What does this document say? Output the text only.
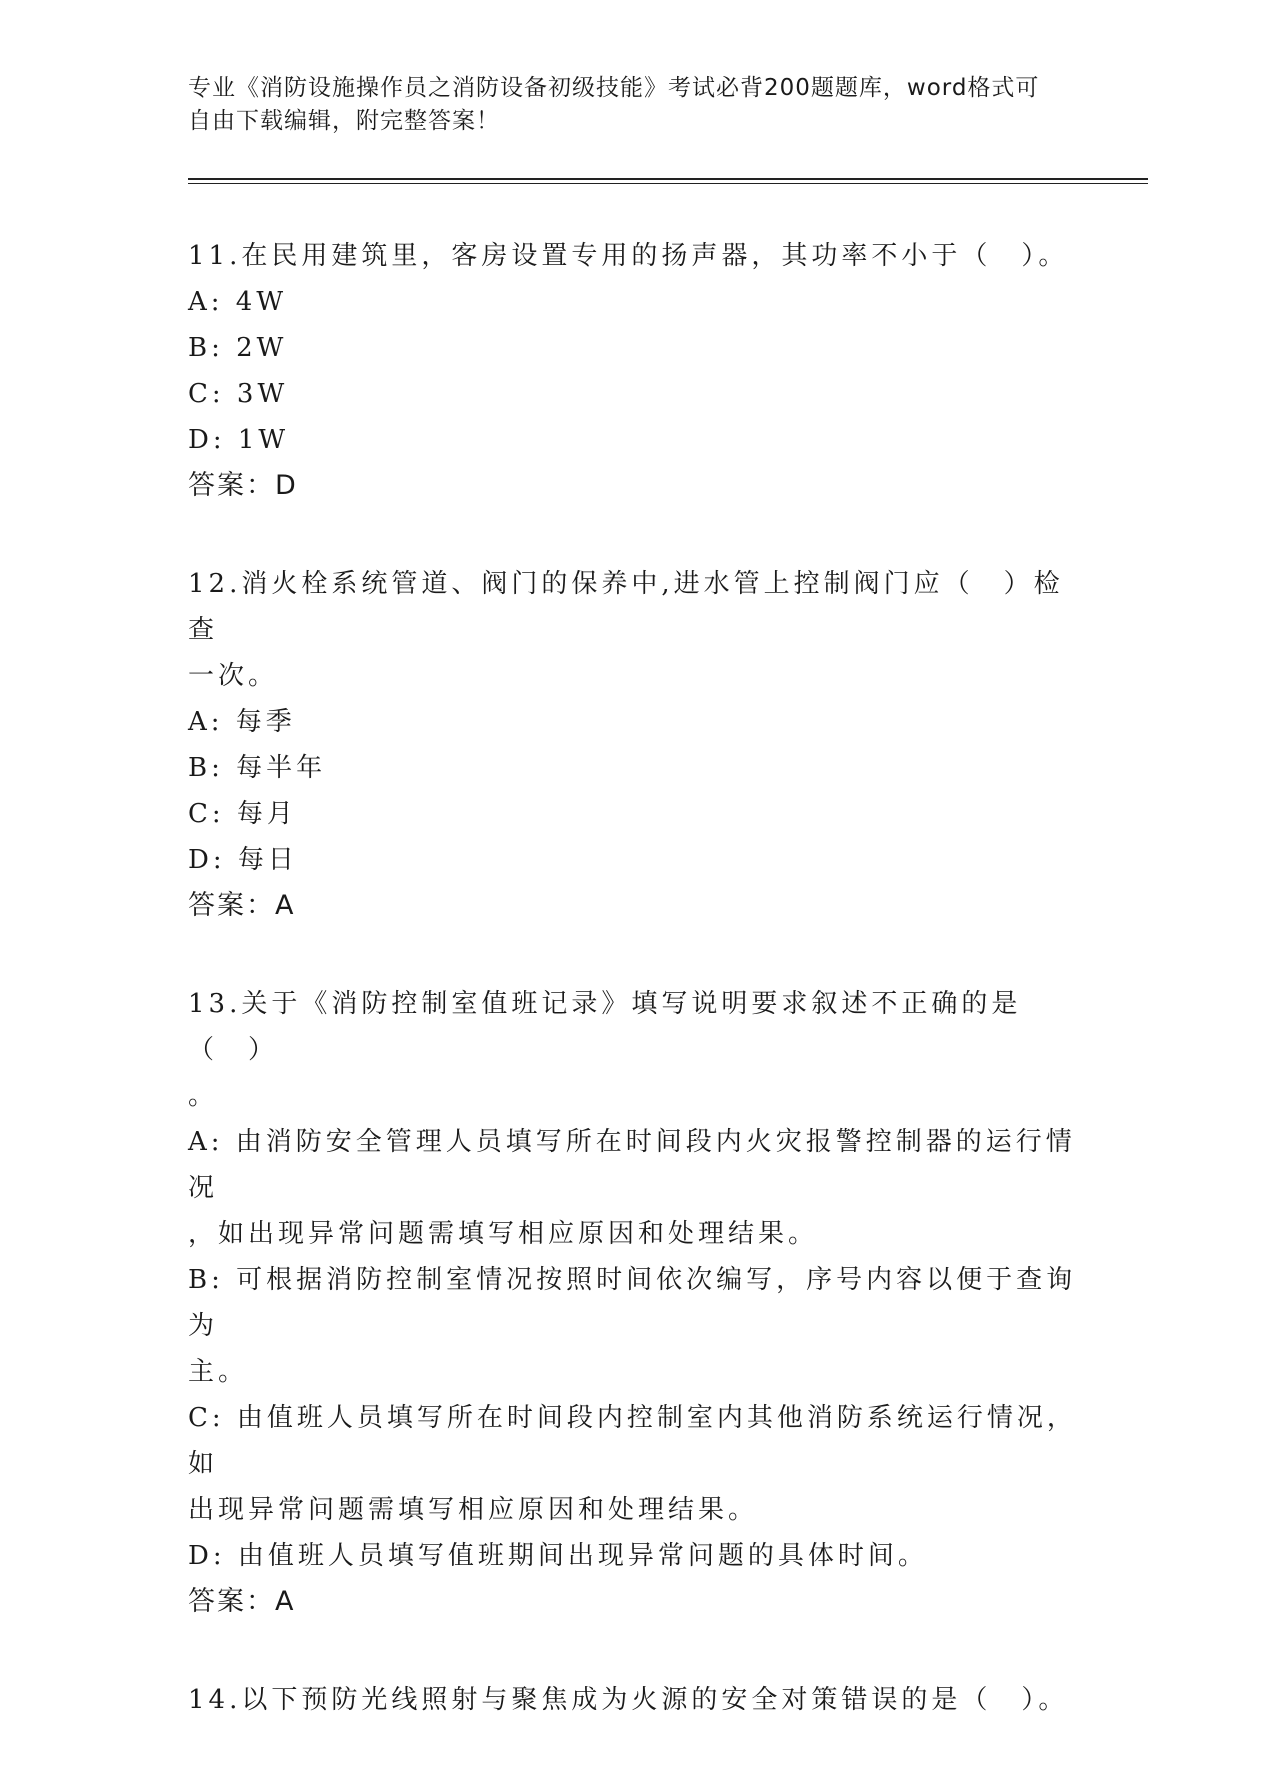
专业《消防设施操作员之消防设备初级技能》考试必背200题题库，word格式可
自由下载编辑，附完整答案！
11.在民用建筑里，客房设置专用的扬声器，其功率不小于（　）。
A: 4W
B: 2W
C: 3W
D: 1W
答案：D
12.消火栓系统管道、阀门的保养中,进水管上控制阀门应（　）检查
一次。
A: 每季
B: 每半年
C: 每月
D: 每日
答案：A
13.关于《消防控制室值班记录》填写说明要求叙述不正确的是（　）
。
A: 由消防安全管理人员填写所在时间段内火灾报警控制器的运行情况
，如出现异常问题需填写相应原因和处理结果。
B: 可根据消防控制室情况按照时间依次编写，序号内容以便于查询为
主。
C: 由值班人员填写所在时间段内控制室内其他消防系统运行情况，如
出现异常问题需填写相应原因和处理结果。
D: 由值班人员填写值班期间出现异常问题的具体时间。
答案：A
14.以下预防光线照射与聚焦成为火源的安全对策错误的是（　）。
